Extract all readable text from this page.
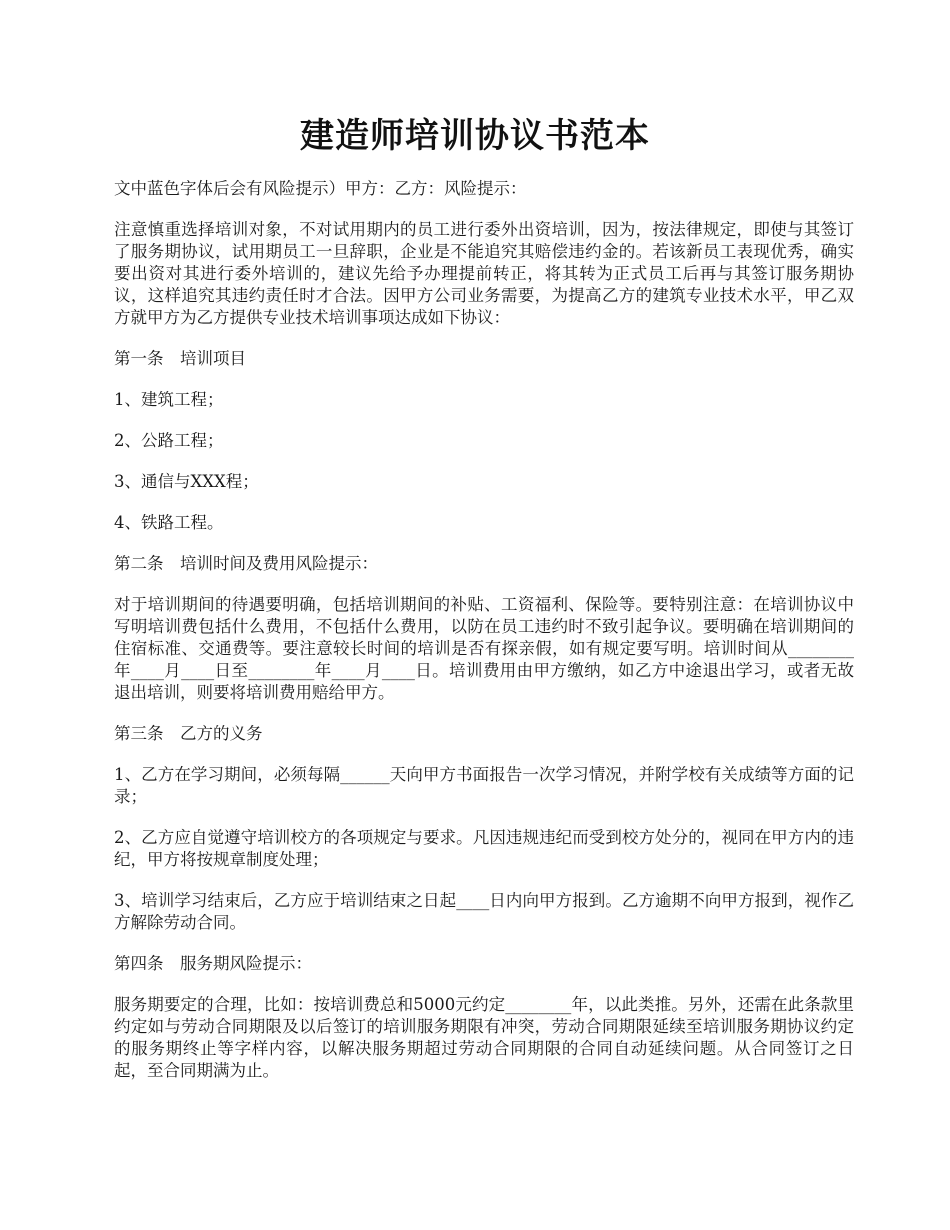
建造师培训协议书范本

文中蓝色字体后会有风险提示）甲方：乙方：风险提示：

注意慎重选择培训对象，不对试用期内的员工进行委外出资培训，因为，按法律规定，即使与其签订了服务期协议，试用期员工一旦辞职，企业是不能追究其赔偿违约金的。若该新员工表现优秀，确实要出资对其进行委外培训的，建议先给予办理提前转正，将其转为正式员工后再与其签订服务期协议，这样追究其违约责任时才合法。因甲方公司业务需要，为提高乙方的建筑专业技术水平，甲乙双方就甲方为乙方提供专业技术培训事项达成如下协议：

第一条　培训项目

1、建筑工程；

2、公路工程；

3、通信与XXX程；

4、铁路工程。

第二条　培训时间及费用风险提示：

对于培训期间的待遇要明确，包括培训期间的补贴、工资福利、保险等。要特别注意：在培训协议中写明培训费包括什么费用，不包括什么费用，以防在员工违约时不致引起争议。要明确在培训期间的住宿标准、交通费等。要注意较长时间的培训是否有探亲假，如有规定要写明。培训时间从________年____月____日至________年____月____日。培训费用由甲方缴纳，如乙方中途退出学习，或者无故退出培训，则要将培训费用赔给甲方。

第三条　乙方的义务

1、乙方在学习期间，必须每隔______天向甲方书面报告一次学习情况，并附学校有关成绩等方面的记录；

2、乙方应自觉遵守培训校方的各项规定与要求。凡因违规违纪而受到校方处分的，视同在甲方内的违纪，甲方将按规章制度处理；

3、培训学习结束后，乙方应于培训结束之日起____日内向甲方报到。乙方逾期不向甲方报到，视作乙方解除劳动合同。

第四条　服务期风险提示：

服务期要定的合理，比如：按培训费总和5000元约定________年，以此类推。另外，还需在此条款里约定如与劳动合同期限及以后签订的培训服务期限有冲突，劳动合同期限延续至培训服务期协议约定的服务期终止等字样内容，以解决服务期超过劳动合同期限的合同自动延续问题。从合同签订之日起，至合同期满为止。
